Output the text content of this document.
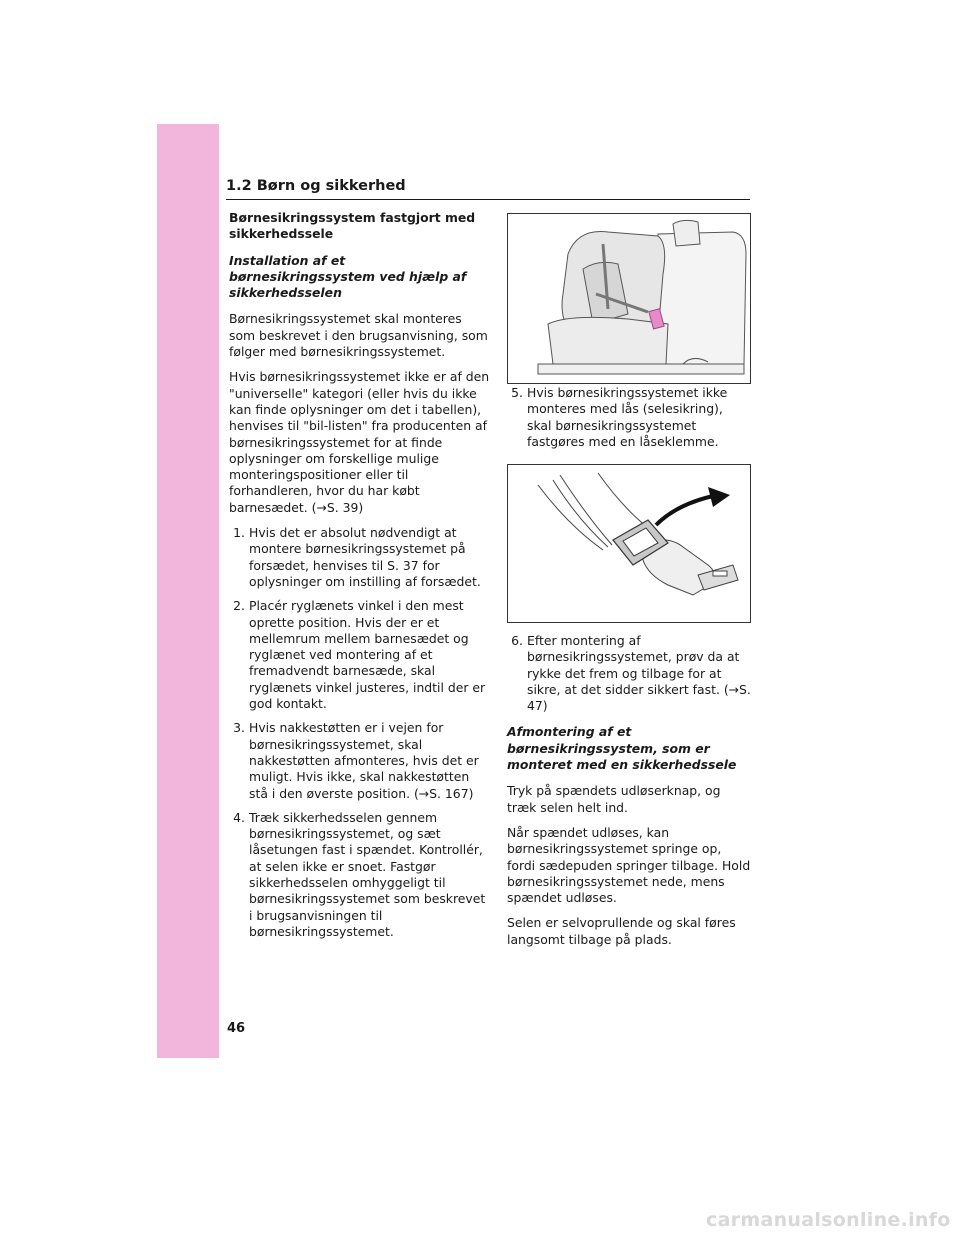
1.2 Børn og sikkerhed
Børnesikringssystem fastgjort med sikkerhedssele
Installation af et børnesikringssystem ved hjælp af sikkerhedsselen

Børnesikringssystemet skal monteres som beskrevet i den brugsanvisning, som følger med børnesikringssystemet.

Hvis børnesikringssystemet ikke er af den "universelle" kategori (eller hvis du ikke kan finde oplysninger om det i tabellen), henvises til "bil-listen" fra producenten af børnesikringssystemet for at finde oplysninger om forskellige mulige monteringspositioner eller til forhandleren, hvor du har købt barnesædet. (→S. 39)

1. Hvis det er absolut nødvendigt at montere børnesikringssystemet på forsædet, henvises til S. 37 for oplysninger om instilling af forsædet.
2. Placér ryglænets vinkel i den mest oprette position. Hvis der er et mellemrum mellem barnesædet og ryglænet ved montering af et fremadvendt barnesæde, skal ryglænets vinkel justeres, indtil der er god kontakt.
3. Hvis nakkestøtten er i vejen for børnesikringssystemet, skal nakkestøtten afmonteres, hvis det er muligt. Hvis ikke, skal nakkestøtten stå i den øverste position. (→S. 167)
4. Træk sikkerhedsselen gennem børnesikringssystemet, og sæt låsetungen fast i spændet. Kontrollér, at selen ikke er snoet. Fastgør sikkerhedsselen omhyggeligt til børnesikringssystemet som beskrevet i brugsanvisningen til børnesikringssystemet.
5. Hvis børnesikringssystemet ikke monteres med lås (selesikring), skal børnesikringssystemet fastgøres med en låseklemme.
6. Efter montering af børnesikringssystemet, prøv da at rykke det frem og tilbage for at sikre, at det sidder sikkert fast. (→S. 47)
Afmontering af et børnesikringssystem, som er monteret med en sikkerhedssele

Tryk på spændets udløserknap, og træk selen helt ind.

Når spændet udløses, kan børnesikringssystemet springe op, fordi sædepuden springer tilbage. Hold børnesikringssystemet nede, mens spændet udløses.

Selen er selvoprullende og skal føres langsomt tilbage på plads.

46
carmanualsonline.info
